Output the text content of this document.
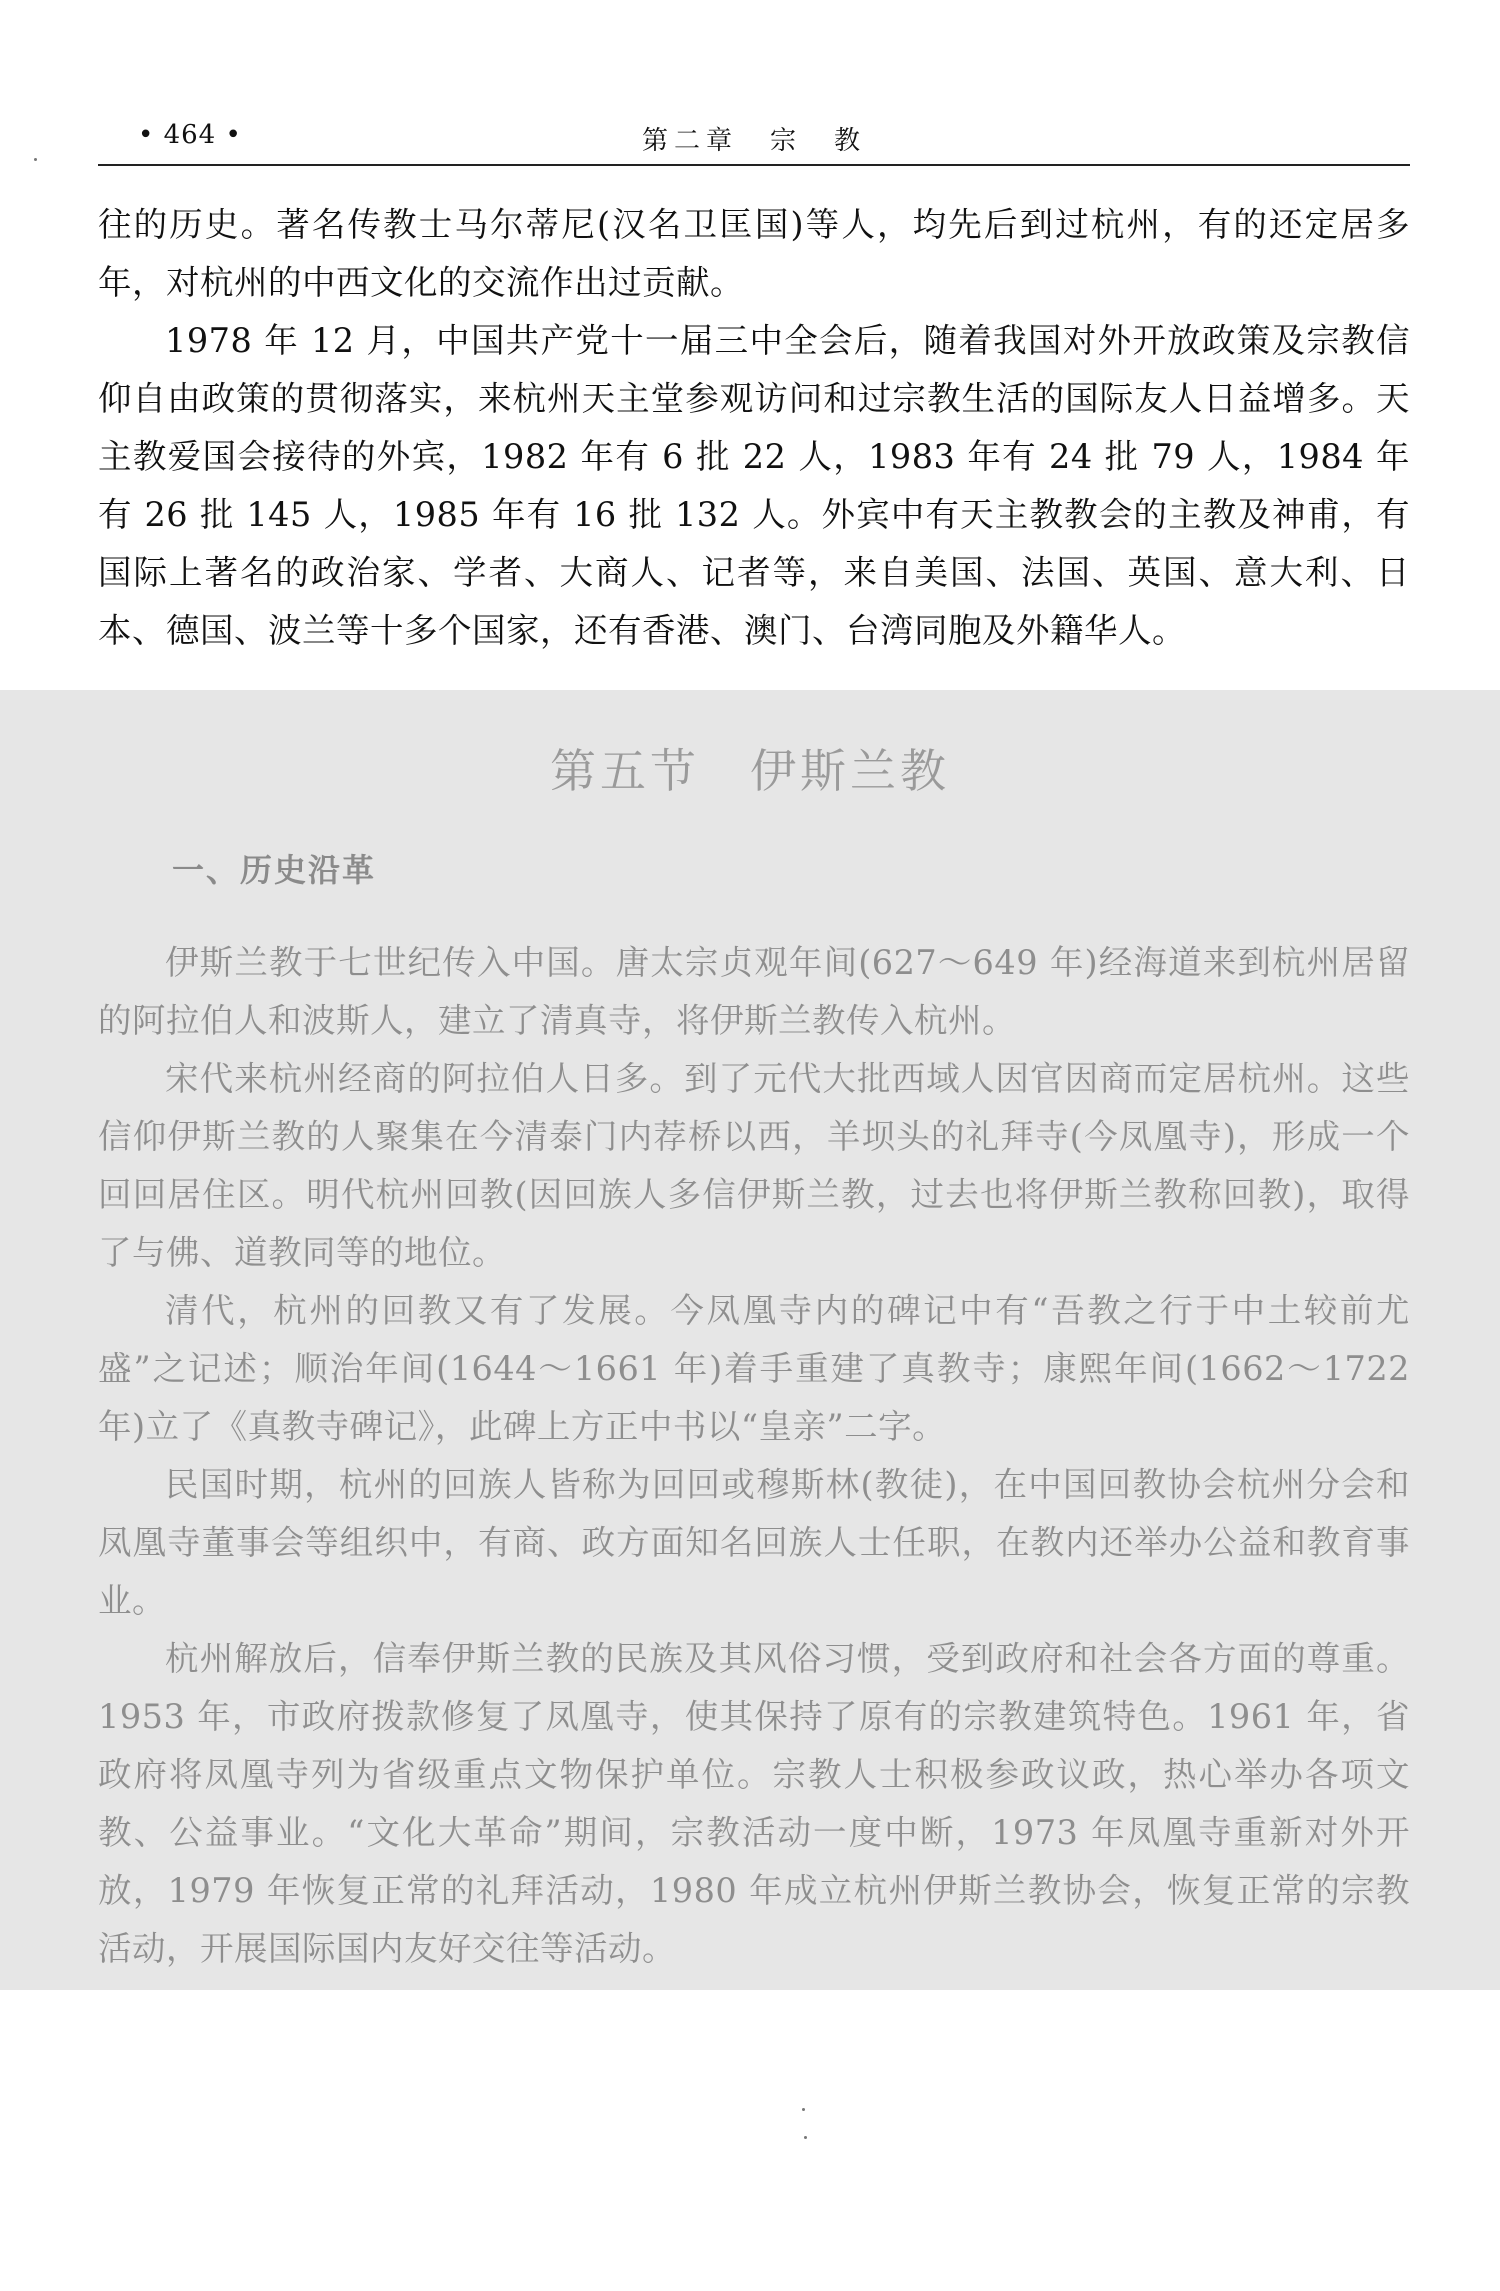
• 464 •	第二章　宗　教

往的历史。著名传教士马尔蒂尼(汉名卫匡国)等人，均先后到过杭州，有的还定居多年，对杭州的中西文化的交流作出过贡献。

1978 年 12 月，中国共产党十一届三中全会后，随着我国对外开放政策及宗教信仰自由政策的贯彻落实，来杭州天主堂参观访问和过宗教生活的国际友人日益增多。天主教爱国会接待的外宾，1982 年有 6 批 22 人，1983 年有 24 批 79 人，1984 年有 26 批 145 人，1985 年有 16 批 132 人。外宾中有天主教教会的主教及神甫，有国际上著名的政治家、学者、大商人、记者等，来自美国、法国、英国、意大利、日本、德国、波兰等十多个国家，还有香港、澳门、台湾同胞及外籍华人。

第五节　伊斯兰教
一、历史沿革

伊斯兰教于七世纪传入中国。唐太宗贞观年间(627～649 年)经海道来到杭州居留的阿拉伯人和波斯人，建立了清真寺，将伊斯兰教传入杭州。

宋代来杭州经商的阿拉伯人日多。到了元代大批西域人因官因商而定居杭州。这些信仰伊斯兰教的人聚集在今清泰门内荐桥以西，羊坝头的礼拜寺(今凤凰寺)，形成一个回回居住区。明代杭州回教(因回族人多信伊斯兰教，过去也将伊斯兰教称回教)，取得了与佛、道教同等的地位。

清代，杭州的回教又有了发展。今凤凰寺内的碑记中有“吾教之行于中土较前尤盛”之记述；顺治年间(1644～1661 年)着手重建了真教寺；康熙年间(1662～1722 年)立了《真教寺碑记》，此碑上方正中书以“皇亲”二字。

民国时期，杭州的回族人皆称为回回或穆斯林(教徒)，在中国回教协会杭州分会和凤凰寺董事会等组织中，有商、政方面知名回族人士任职，在教内还举办公益和教育事业。

杭州解放后，信奉伊斯兰教的民族及其风俗习惯，受到政府和社会各方面的尊重。1953 年，市政府拨款修复了凤凰寺，使其保持了原有的宗教建筑特色。1961 年，省政府将凤凰寺列为省级重点文物保护单位。宗教人士积极参政议政，热心举办各项文教、公益事业。“文化大革命”期间，宗教活动一度中断，1973 年凤凰寺重新对外开放，1979 年恢复正常的礼拜活动，1980 年成立杭州伊斯兰教协会，恢复正常的宗教活动，开展国际国内友好交往等活动。
